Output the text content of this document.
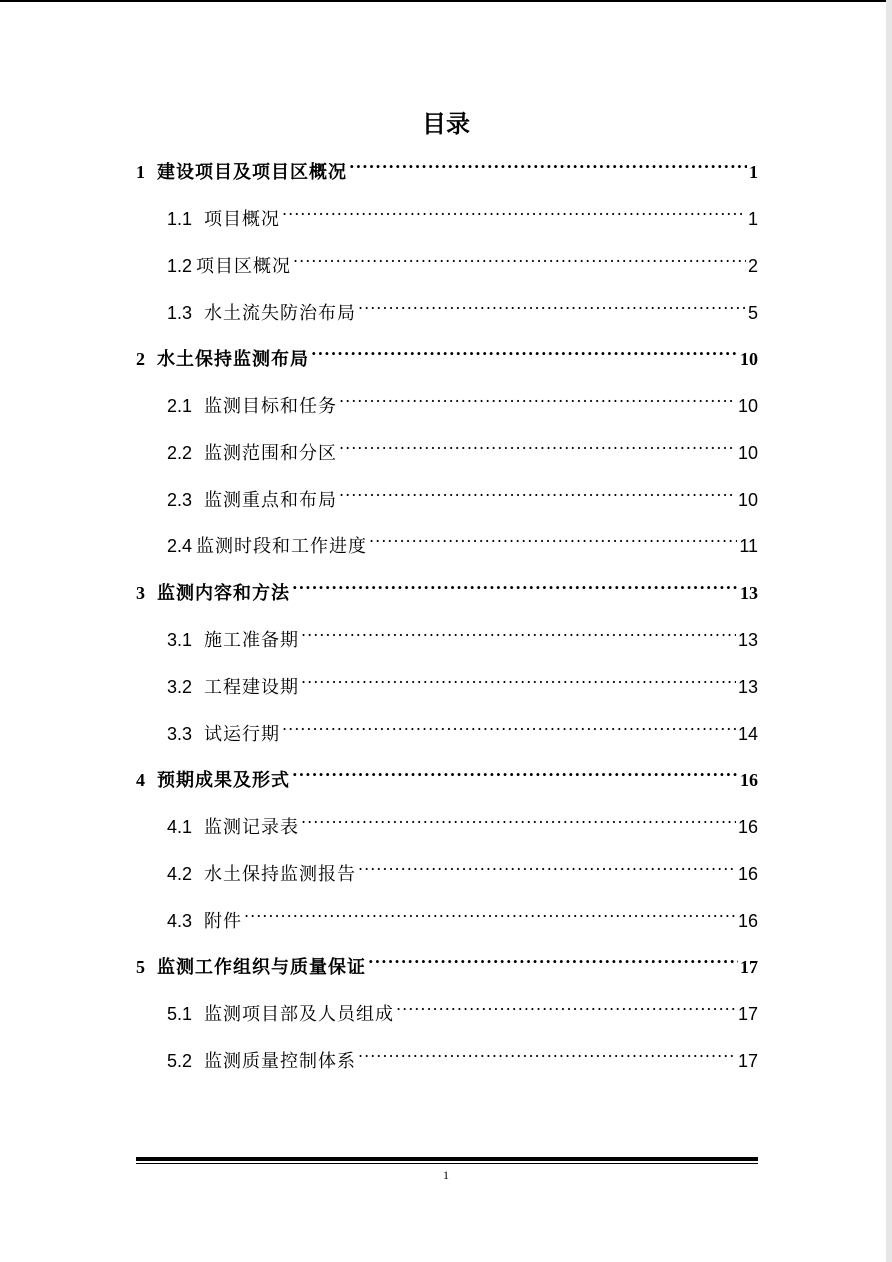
目录
1 建设项目及项目区概况 .....	1
1.1 项目概况 .....	1
1.2 项目区概况 .....	2
1.3 水土流失防治布局 .....	5
2 水土保持监测布局 .....	10
2.1 监测目标和任务 .....	10
2.2 监测范围和分区 .....	10
2.3 监测重点和布局 .....	10
2.4 监测时段和工作进度 .....	11
3 监测内容和方法 .....	13
3.1 施工准备期 .....	13
3.2 工程建设期 .....	13
3.3 试运行期 .....	14
4 预期成果及形式 .....	16
4.1 监测记录表 .....	16
4.2 水土保持监测报告 .....	16
4.3 附件 .....	16
5 监测工作组织与质量保证 .....	17
5.1 监测项目部及人员组成 .....	17
5.2 监测质量控制体系 .....	17
1
